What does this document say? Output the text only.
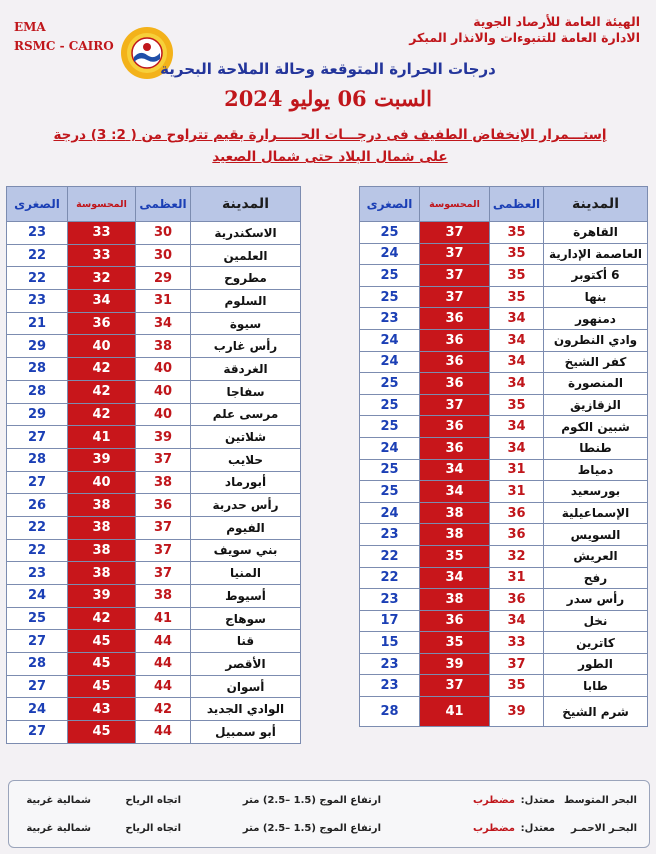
EMA
RSMC - CAIRO
الهيئة العامة للأرصاد الجوية
الادارة العامة للتنبوءات والانذار المبكر
درجات الحرارة المتوقعة وحالة الملاحة البحرية
السبت 06 يوليو 2024
إستـــمرار الإنخفاض الطفيف فى درجـــات الحـــــرارة بقيم تتراوح من ( 2: 3) درجة
على شمال البلاد حتى شمال الصعيد
المدينة	العظمى	المحسوسة	الصغرى
القاهرة	35	37	25
العاصمة الإدارية	35	37	24
6 أكتوبر	35	37	25
بنها	35	37	25
دمنهور	34	36	23
وادي النطرون	34	36	24
كفر الشيخ	34	36	24
المنصورة	34	36	25
الزقازيق	35	37	25
شبين الكوم	34	36	25
طنطا	34	36	24
دمياط	31	34	25
بورسعيد	31	34	25
الإسماعيلية	36	38	24
السويس	36	38	23
العريش	32	35	22
رفح	31	34	22
رأس سدر	36	38	23
نخل	34	36	17
كاترين	33	35	15
الطور	37	39	23
طابا	35	37	23
شرم الشيخ	39	41	28
المدينة	العظمى	المحسوسة	الصغرى
الاسكندرية	30	33	23
العلمين	30	33	22
مطروح	29	32	22
السلوم	31	34	23
سيوة	34	36	21
رأس غارب	38	40	29
الغردقة	40	42	28
سفاجا	40	42	28
مرسى علم	40	42	29
شلاتين	39	41	27
حلايب	37	39	28
أبورماد	38	40	27
رأس حدربة	36	38	26
الفيوم	37	38	22
بني سويف	37	38	22
المنيا	37	38	23
أسيوط	38	39	24
سوهاج	41	42	25
قنا	44	45	27
الأقصر	44	45	28
أسوان	44	45	27
الوادي الجديد	42	43	24
أبو سمبيل	44	45	27
البحر المتوسط
معتدل:
مضطرب
ارتفاع الموج (1.5 –2.5) متر
اتجاه الرياح
شمالية غربية
البحـر الاحمـر
معتدل:
مضطرب
ارتفاع الموج (1.5 –2.5) متر
اتجاه الرياح
شمالية غربية
